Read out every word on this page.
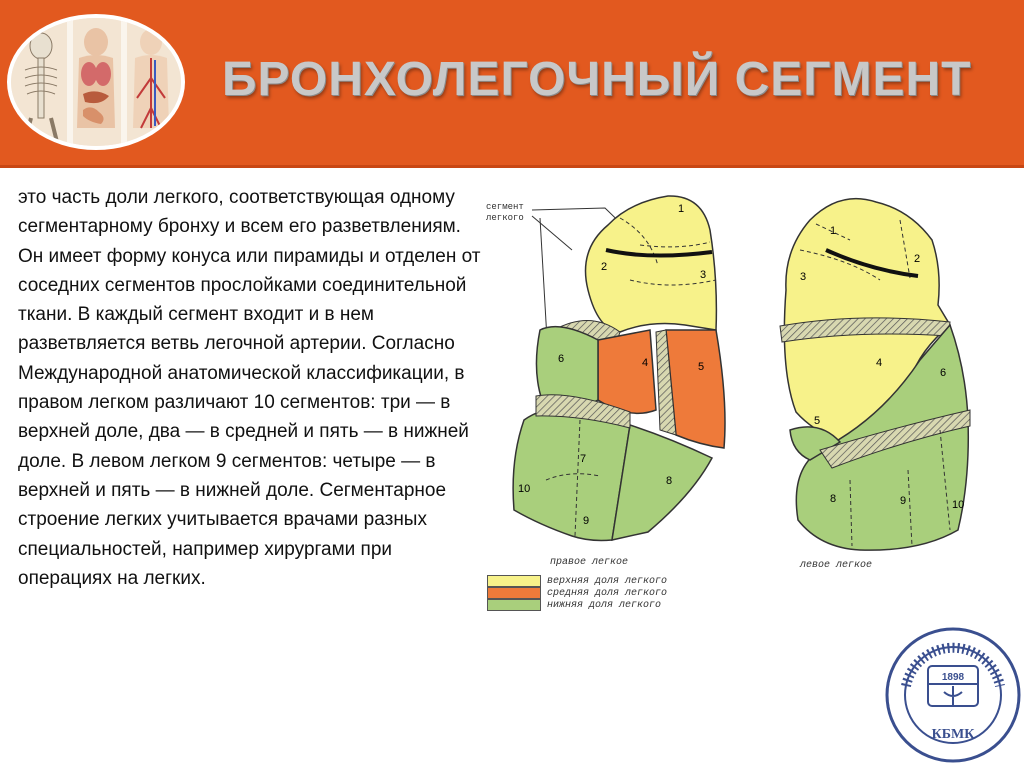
БРОНХОЛЕГОЧНЫЙ СЕГМЕНТ
это часть доли легкого, соответствующая одному сегментарному бронху и всем его разветвлениям. Он имеет форму конуса или пирамиды и отделен от соседних сегментов прослойками соединительной ткани. В каждый сегмент входит и в нем разветвляется ветвь легочной артерии. Согласно Международной анатомической классификации, в правом легком различают 10 сегментов: три — в верхней доле, два — в средней и пять — в нижней доле. В левом легком 9 сегментов: четыре — в верхней и пять — в нижней доле. Сегментарное строение легких учитывается врачами разных специальностей, например хирургами при операциях на легких.
сегмент
легкого
1
2
3
4	5
6
7
8
9
10
1
2
3
4
5
6
8	9	10
правое легкое	левое легкое
верхняя доля легкого
средняя доля легкого
нижняя доля легкого
1898
КБМК
